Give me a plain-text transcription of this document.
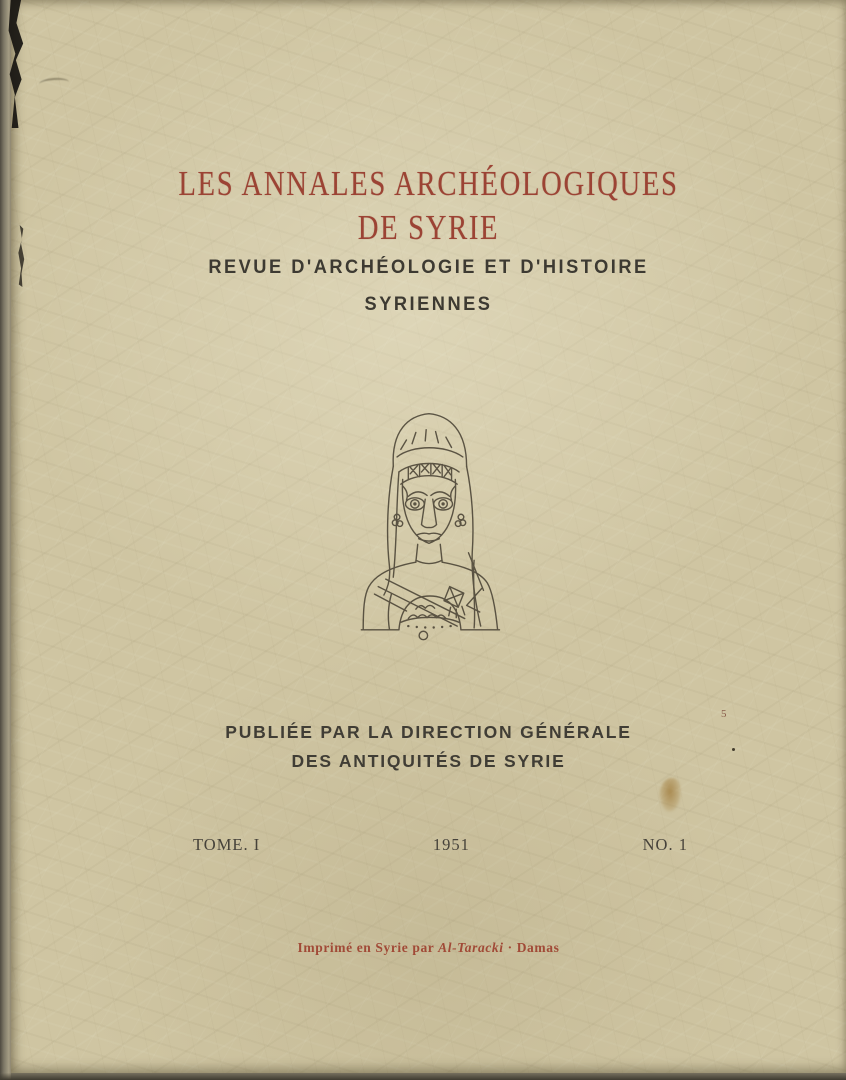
LES ANNALES ARCHÉOLOGIQUES
DE SYRIE
REVUE D'ARCHÉOLOGIE ET D'HISTOIRE
SYRIENNES
PUBLIÉE PAR LA DIRECTION GÉNÉRALE
DES ANTIQUITÉS DE SYRIE
TOME. I	1951	NO. 1
Imprimé en Syrie par Al-Taracki · Damas
5
